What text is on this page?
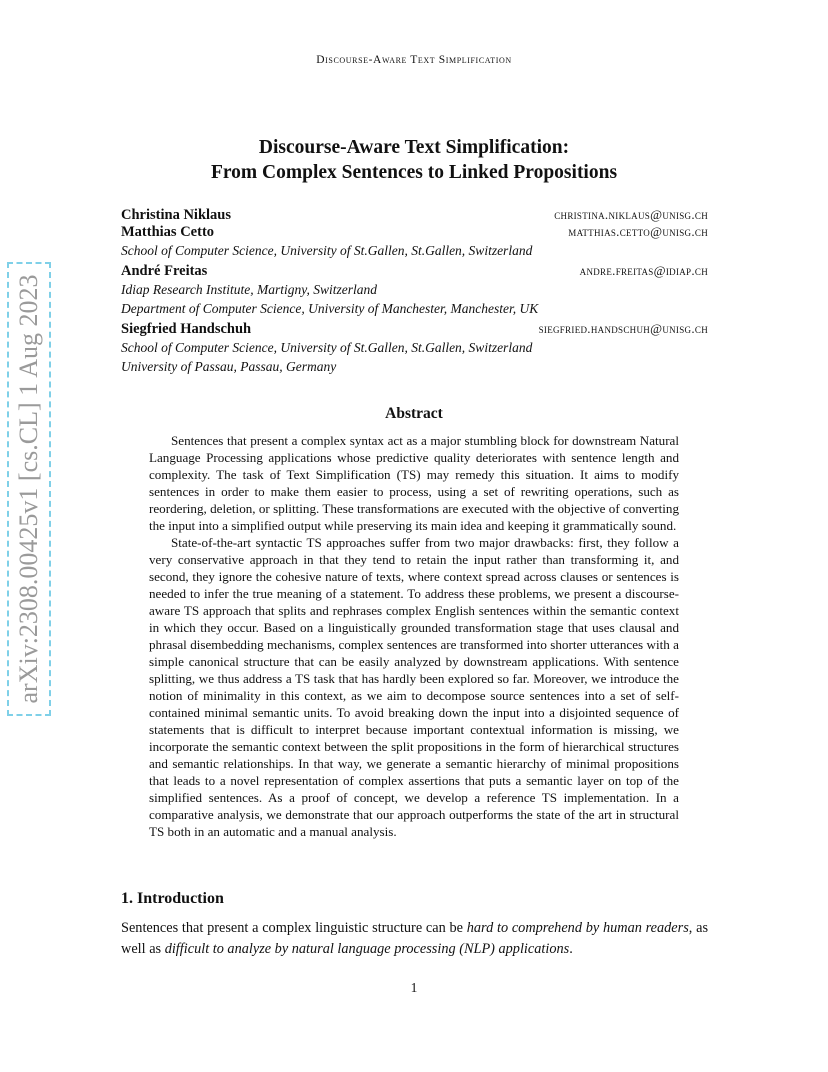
Discourse-Aware Text Simplification
Discourse-Aware Text Simplification:
From Complex Sentences to Linked Propositions
Christina Niklaus	christina.niklaus@unisg.ch
Matthias Cetto	matthias.cetto@unisg.ch
School of Computer Science, University of St.Gallen, St.Gallen, Switzerland
André Freitas	andre.freitas@idiap.ch
Idiap Research Institute, Martigny, Switzerland
Department of Computer Science, University of Manchester, Manchester, UK
Siegfried Handschuh	siegfried.handschuh@unisg.ch
School of Computer Science, University of St.Gallen, St.Gallen, Switzerland
University of Passau, Passau, Germany
Abstract

Sentences that present a complex syntax act as a major stumbling block for downstream Natural Language Processing applications whose predictive quality deteriorates with sentence length and complexity. The task of Text Simplification (TS) may remedy this situation. It aims to modify sentences in order to make them easier to process, using a set of rewriting operations, such as reordering, deletion, or splitting. These transformations are executed with the objective of converting the input into a simplified output while preserving its main idea and keeping it grammatically sound.

State-of-the-art syntactic TS approaches suffer from two major drawbacks: first, they follow a very conservative approach in that they tend to retain the input rather than transforming it, and second, they ignore the cohesive nature of texts, where context spread across clauses or sentences is needed to infer the true meaning of a statement. To address these problems, we present a discourse-aware TS approach that splits and rephrases complex English sentences within the semantic context in which they occur. Based on a linguistically grounded transformation stage that uses clausal and phrasal disembedding mechanisms, complex sentences are transformed into shorter utterances with a simple canonical structure that can be easily analyzed by downstream applications. With sentence splitting, we thus address a TS task that has hardly been explored so far. Moreover, we introduce the notion of minimality in this context, as we aim to decompose source sentences into a set of self-contained minimal semantic units. To avoid breaking down the input into a disjointed sequence of statements that is difficult to interpret because important contextual information is missing, we incorporate the semantic context between the split propositions in the form of hierarchical structures and semantic relationships. In that way, we generate a semantic hierarchy of minimal propositions that leads to a novel representation of complex assertions that puts a semantic layer on top of the simplified sentences. As a proof of concept, we develop a reference TS implementation. In a comparative analysis, we demonstrate that our approach outperforms the state of the art in structural TS both in an automatic and a manual analysis.

1. Introduction

Sentences that present a complex linguistic structure can be hard to comprehend by human readers, as well as difficult to analyze by natural language processing (NLP) applications.

1
arXiv:2308.00425v1 [cs.CL] 1 Aug 2023
